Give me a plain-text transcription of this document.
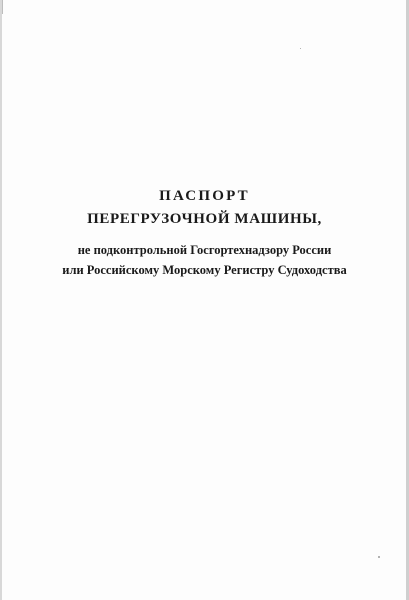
ПАСПОРТ

ПЕРЕГРУЗОЧНОЙ МАШИНЫ,

не подконтрольной Госгортехнадзору России

или Российскому Морскому Регистру Судоходства
